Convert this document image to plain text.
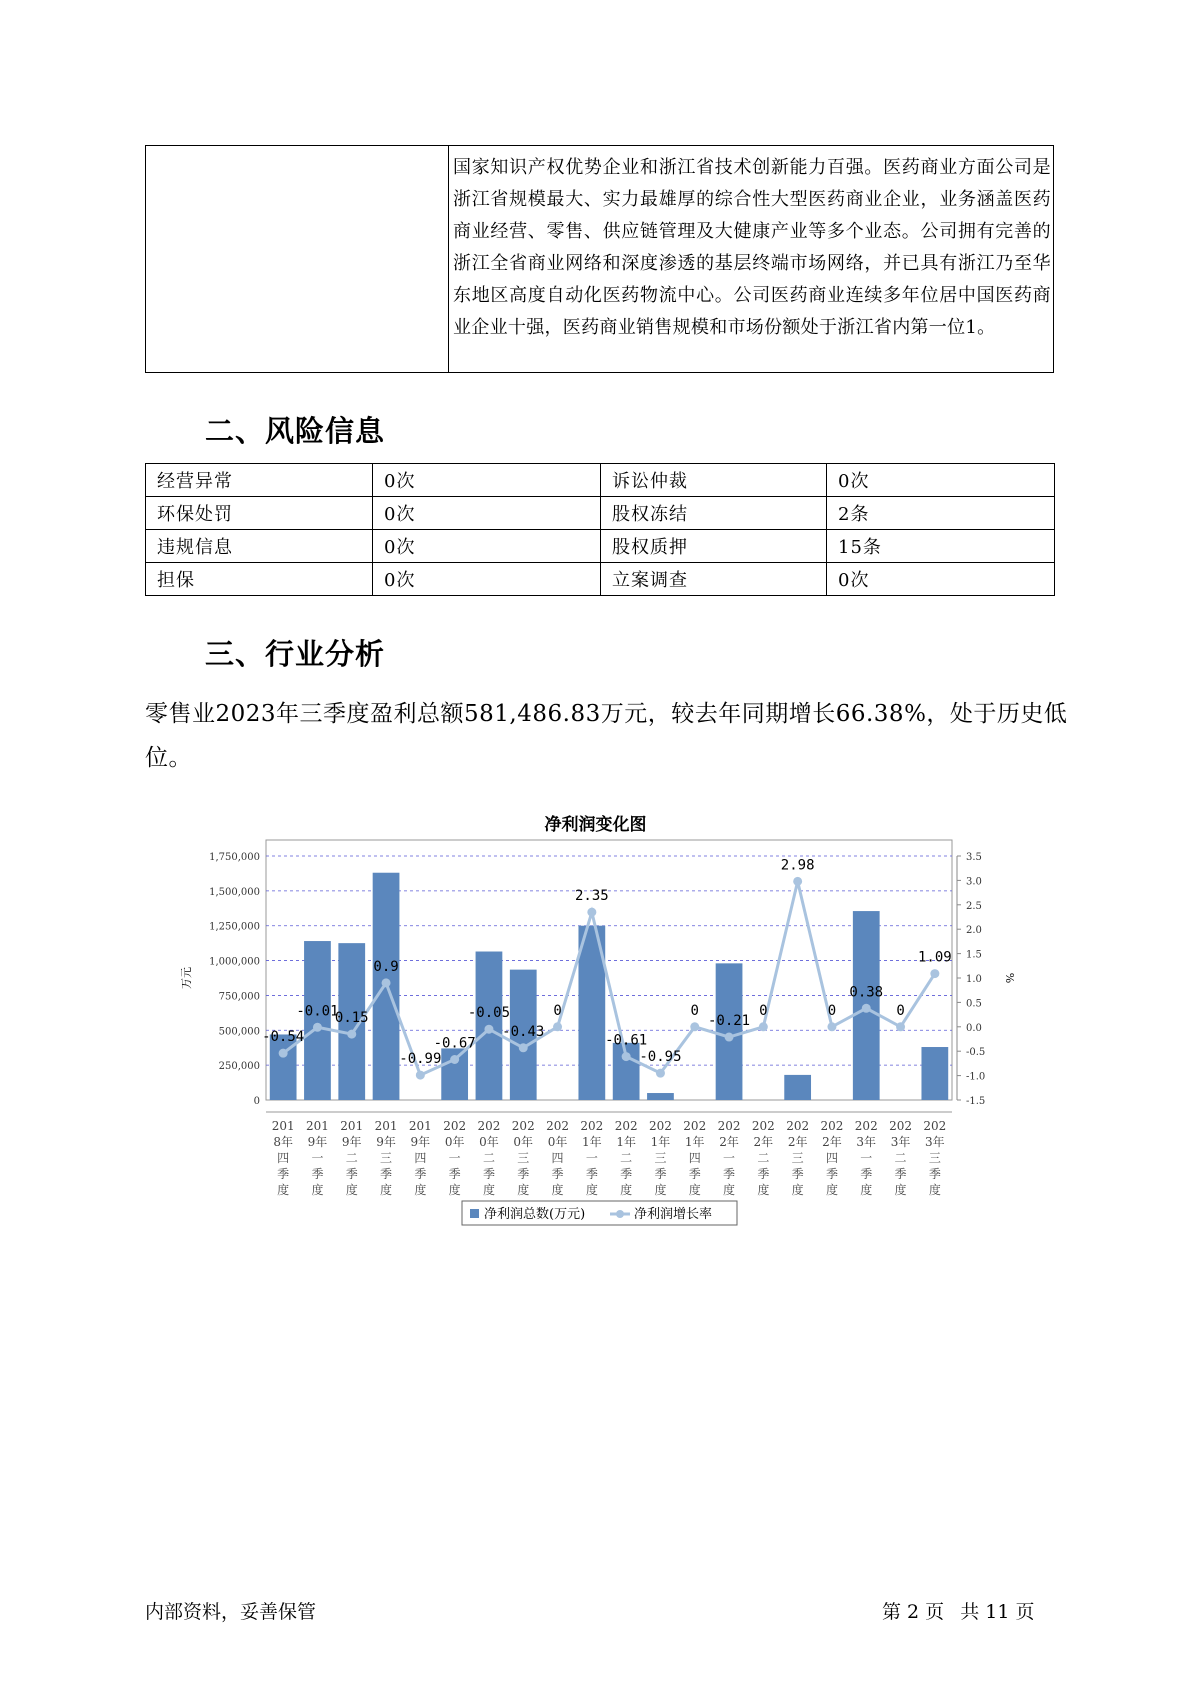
国家知识产权优势企业和浙江省技术创新能力百强。医药商业方面公司是浙江省规模最大、实力最雄厚的综合性大型医药商业企业，业务涵盖医药商业经营、零售、供应链管理及大健康产业等多个业态。公司拥有完善的浙江全省商业网络和深度渗透的基层终端市场网络，并已具有浙江乃至华东地区高度自动化医药物流中心。公司医药商业连续多年位居中国医药商业企业十强，医药商业销售规模和市场份额处于浙江省内第一位1。
二、风险信息
经营异常	0次	诉讼仲裁	0次
环保处罚	0次	股权冻结	2条
违规信息	0次	股权质押	15条
担保	0次	立案调查	0次
三、行业分析
零售业2023年三季度盈利总额581,486.83万元，较去年同期增长66.38%，处于历史低位。
净利润变化图
0
250,000
500,000
750,000
1,000,000
1,250,000
1,500,000
1,750,000
-1.5
-1.0
-0.5
0.0
0.5
1.0
1.5
2.0
2.5
3.0
3.5
万元	%
-0.54
-0.01
0.15
0.9
-0.99
-0.67
-0.05
-0.43
0
2.35
-0.61
-0.95
0
-0.21
0
2.98
0
0.38
0
1.09
201 8年四季度
201 9年一季度
201 9年二季度
201 9年三季度
201 9年四季度
202 0年一季度
202 0年二季度
202 0年三季度
202 0年四季度
202 1年一季度
202 1年二季度
202 1年三季度
202 1年四季度
202 2年一季度
202 2年二季度
202 2年三季度
202 2年四季度
202 3年一季度
202 3年二季度
202 3年三季度
净利润总数(万元)	净利润增长率
内部资料，妥善保管	第 2 页 共 11 页
